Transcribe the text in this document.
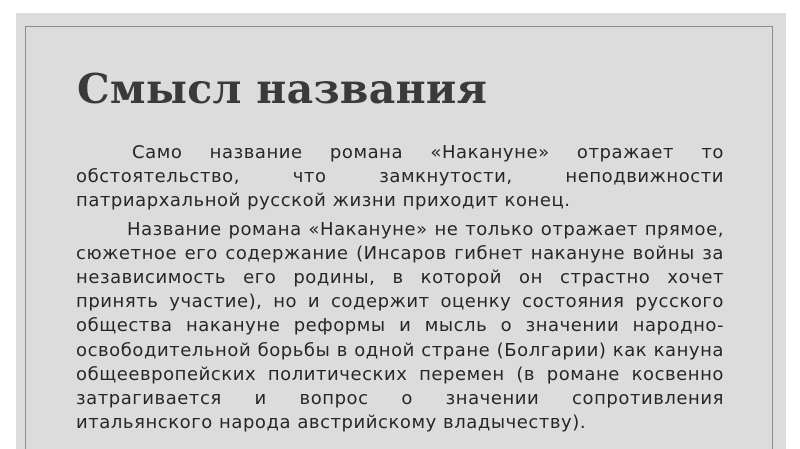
Смысл названия

Само название романа «Накануне» отражает то обстоятельство, что замкнутости, неподвижности патриархальной русской жизни приходит конец.

Название романа «Накануне» не только отражает прямое, сюжетное его содержание (Инсаров гибнет накануне войны за независимость его родины, в которой он страстно хочет принять участие), но и содержит оценку состояния русского общества накануне реформы и мысль о значении народно-освободительной борьбы в одной стране (Болгарии) как кануна общеевропейских политических перемен (в романе косвенно затрагивается и вопрос о значении сопротивления итальянского народа австрийскому владычеству).
